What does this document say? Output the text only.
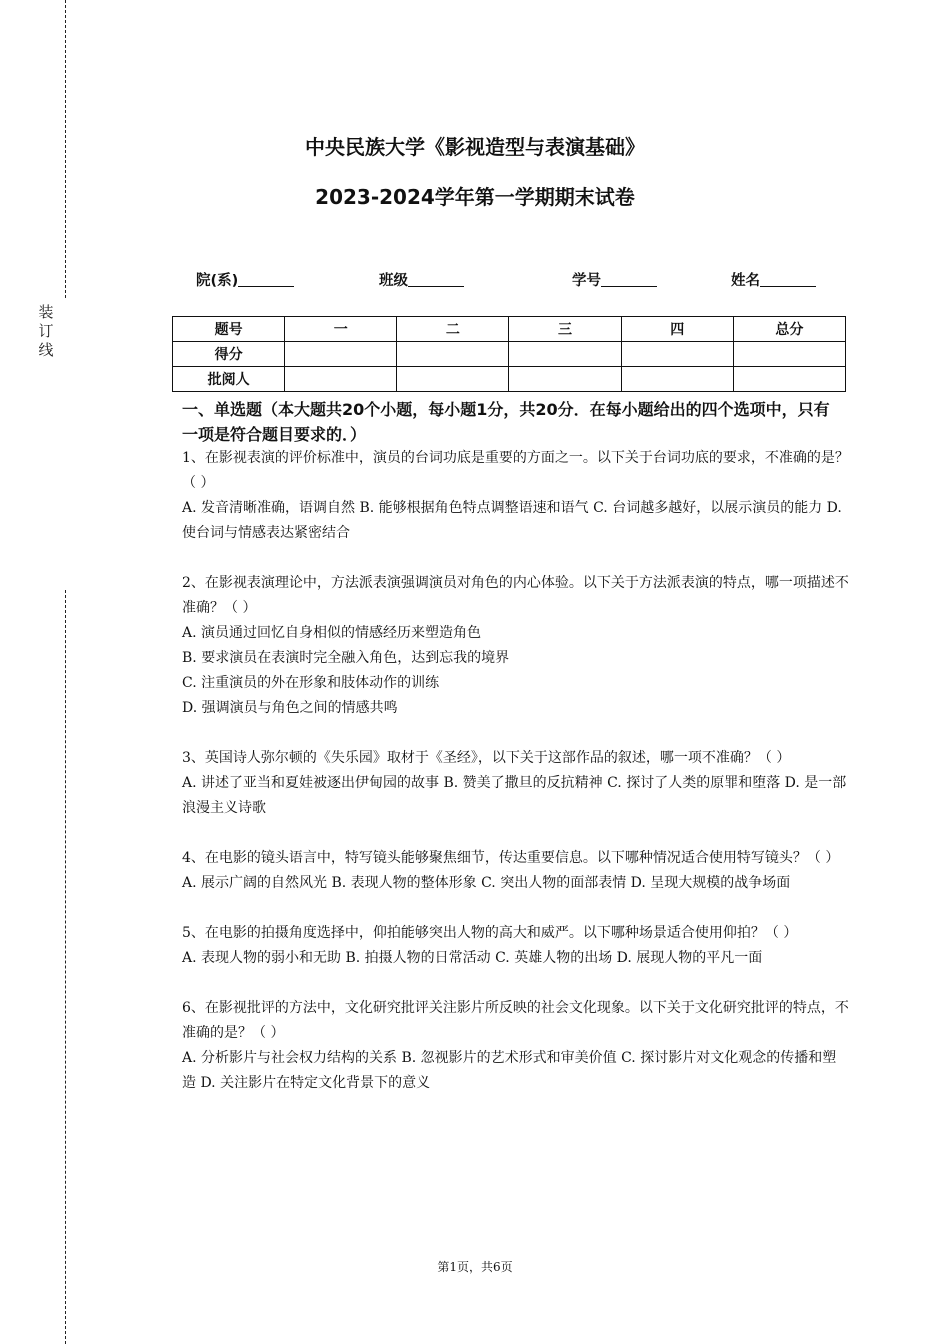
装订线
中央民族大学《影视造型与表演基础》
2023-2024学年第一学期期末试卷
院(系)	班级	学号	姓名
题号	一	二	三	四	总分
得分					
批阅人					
一、单选题（本大题共20个小题，每小题1分，共20分．在每小题给出的四个选项中，只有一项是符合题目要求的．）

1、在影视表演的评价标准中，演员的台词功底是重要的方面之一。以下关于台词功底的要求，不准确的是？（ ）

A. 发音清晰准确，语调自然 B. 能够根据角色特点调整语速和语气 C. 台词越多越好，以展示演员的能力 D. 使台词与情感表达紧密结合

2、在影视表演理论中，方法派表演强调演员对角色的内心体验。以下关于方法派表演的特点，哪一项描述不准确？（ ）

A. 演员通过回忆自身相似的情感经历来塑造角色

B. 要求演员在表演时完全融入角色，达到忘我的境界

C. 注重演员的外在形象和肢体动作的训练

D. 强调演员与角色之间的情感共鸣

3、英国诗人弥尔顿的《失乐园》取材于《圣经》，以下关于这部作品的叙述，哪一项不准确？（ ）

A. 讲述了亚当和夏娃被逐出伊甸园的故事 B. 赞美了撒旦的反抗精神 C. 探讨了人类的原罪和堕落 D. 是一部浪漫主义诗歌

4、在电影的镜头语言中，特写镜头能够聚焦细节，传达重要信息。以下哪种情况适合使用特写镜头？（ ）

A. 展示广阔的自然风光 B. 表现人物的整体形象 C. 突出人物的面部表情 D. 呈现大规模的战争场面

5、在电影的拍摄角度选择中，仰拍能够突出人物的高大和威严。以下哪种场景适合使用仰拍？（ ）

A. 表现人物的弱小和无助 B. 拍摄人物的日常活动 C. 英雄人物的出场 D. 展现人物的平凡一面

6、在影视批评的方法中，文化研究批评关注影片所反映的社会文化现象。以下关于文化研究批评的特点，不准确的是？（ ）

A. 分析影片与社会权力结构的关系 B. 忽视影片的艺术形式和审美价值 C. 探讨影片对文化观念的传播和塑造 D. 关注影片在特定文化背景下的意义

第1页，共6页
